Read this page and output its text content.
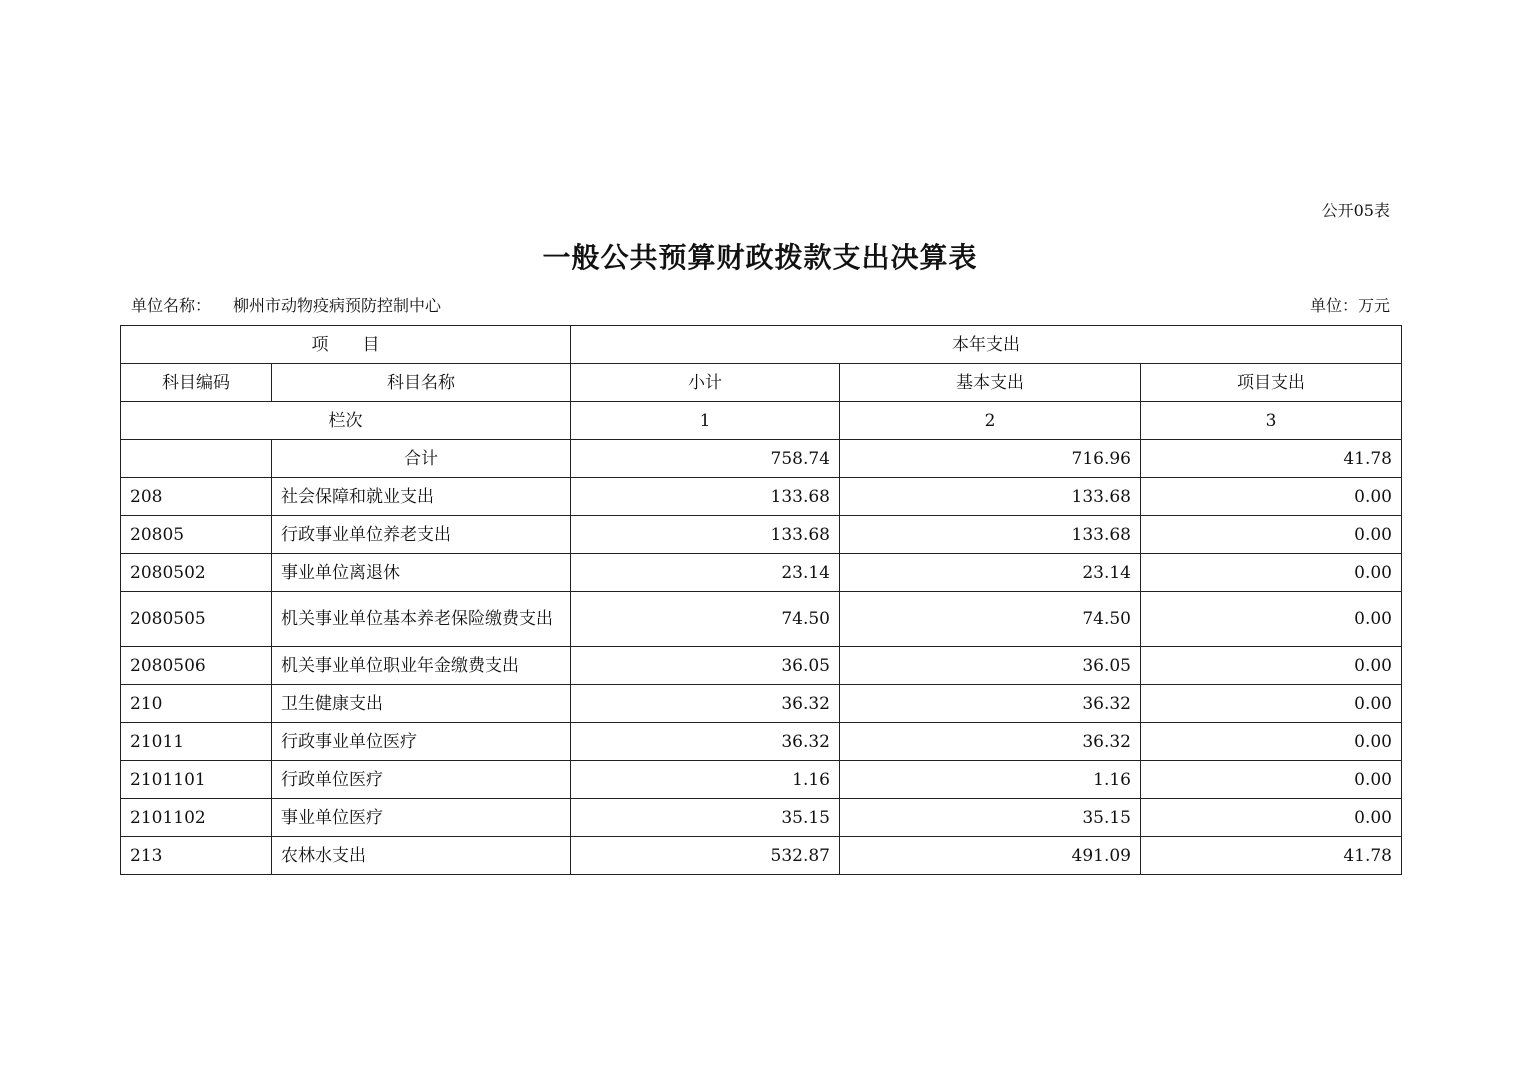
公开05表
一般公共预算财政拨款支出决算表
单位名称： 柳州市动物疫病预防控制中心	单位：万元
项　　目		本年支出		
科目编码	科目名称	小计	基本支出	项目支出
栏次		1	2	3
	合计	758.74	716.96	41.78
208	社会保障和就业支出	133.68	133.68	0.00
20805	行政事业单位养老支出	133.68	133.68	0.00
2080502	事业单位离退休	23.14	23.14	0.00
2080505	机关事业单位基本养老保险缴费支出	74.50	74.50	0.00
2080506	机关事业单位职业年金缴费支出	36.05	36.05	0.00
210	卫生健康支出	36.32	36.32	0.00
21011	行政事业单位医疗	36.32	36.32	0.00
2101101	行政单位医疗	1.16	1.16	0.00
2101102	事业单位医疗	35.15	35.15	0.00
213	农林水支出	532.87	491.09	41.78
